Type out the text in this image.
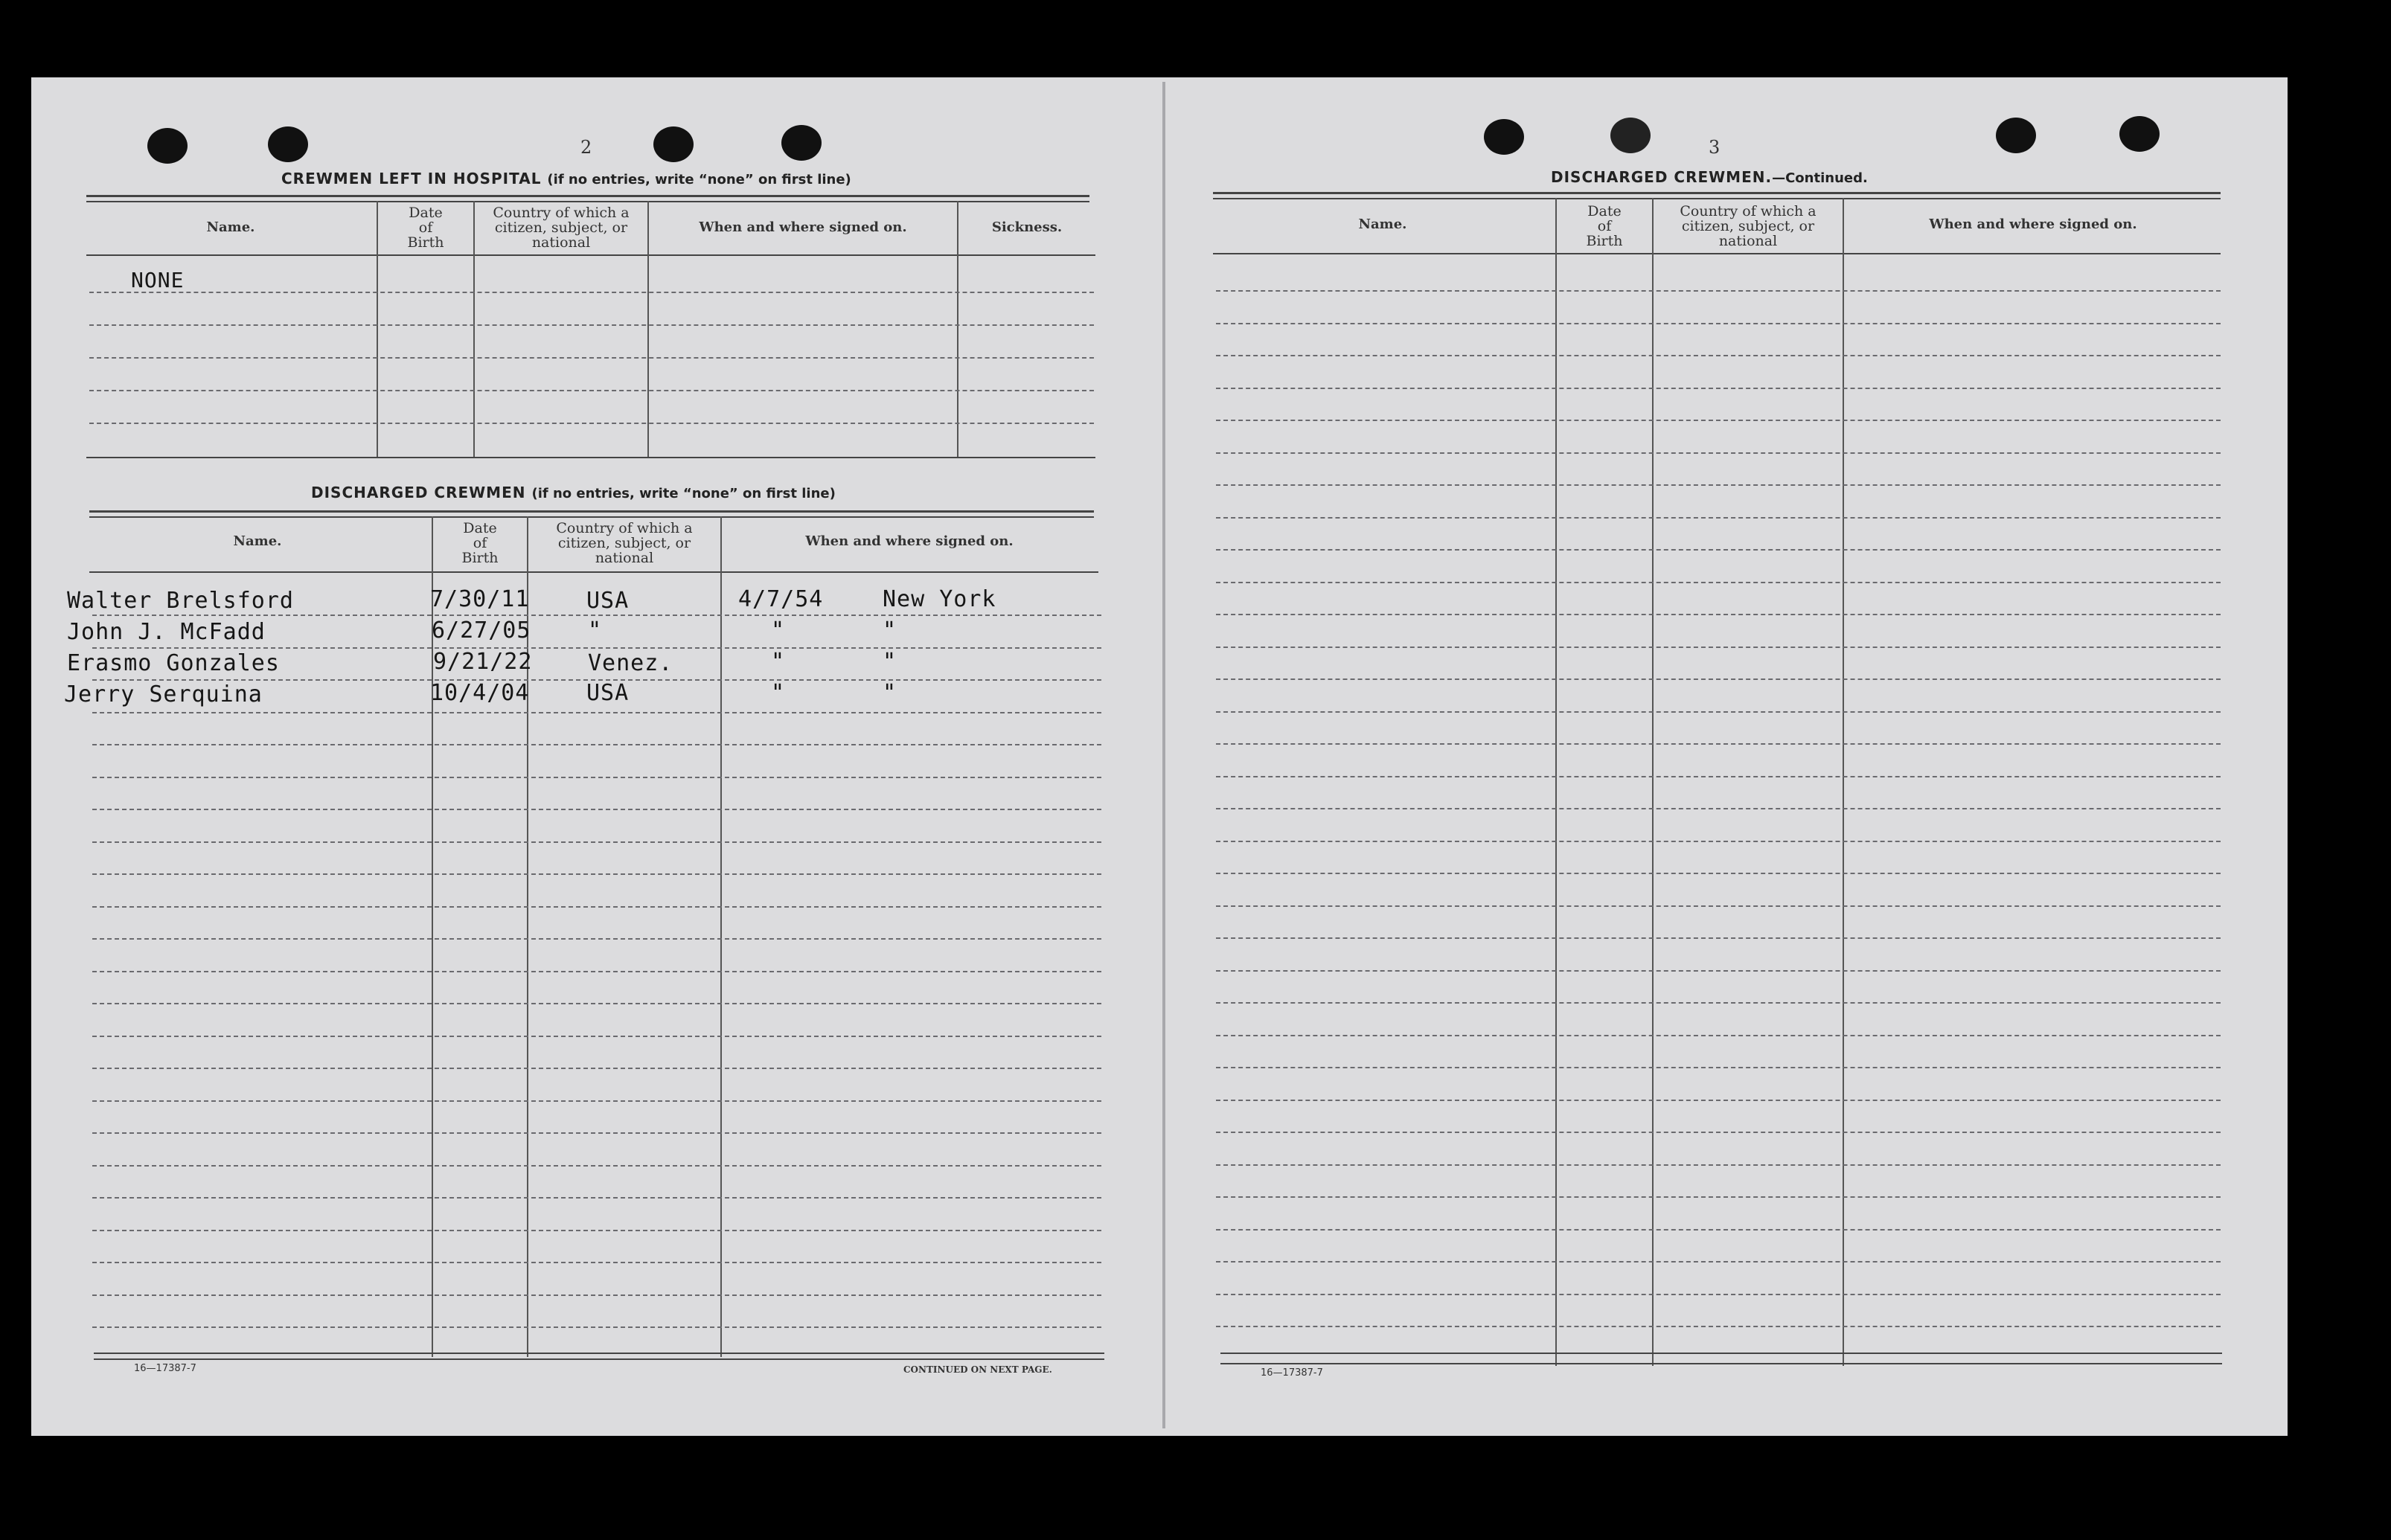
2
CREWMEN LEFT IN HOSPITAL (if no entries, write “none” on first line)
Name.
Date
of
Birth
Country of which a
citizen, subject, or
national
When and where signed on.	Sickness.
NONE
DISCHARGED CREWMEN (if no entries, write “none” on first line)
Name.
Date
of
Birth
Country of which a
citizen, subject, or
national
When and where signed on.
Walter Brelsford	7/30/11	USA	4/7/54	New York
John J. McFadd	6/27/05	"	"	"
Erasmo Gonzales	9/21/22 Venez.	"	"
Jerry Serquina	10/4/04	USA	"	"
16—17387-7	CONTINUED ON NEXT PAGE.
3
DISCHARGED CREWMEN.—Continued.
Name.
Date
of
Birth
Country of which a
citizen, subject, or
national
When and where signed on.
16—17387-7
